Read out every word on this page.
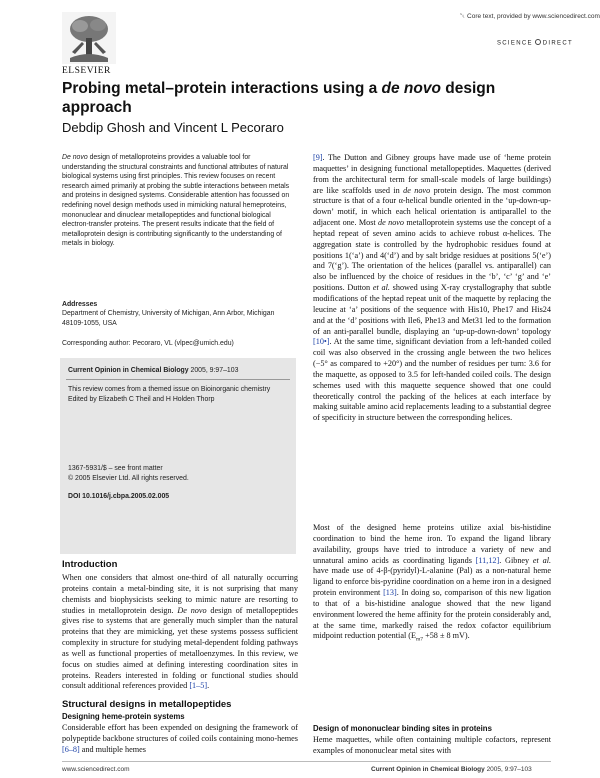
␀ Core text, provided by www.sciencedirect.com
ELSEVIER
SCIENCE DIRECT
Probing metal–protein interactions using a de novo design approach
Debdip Ghosh and Vincent L Pecoraro
De novo design of metalloproteins provides a valuable tool for understanding the structural constraints and functional attributes of natural biological systems using first principles. This review focuses on recent research aimed primarily at probing the subtle interactions between metals and proteins in designed systems. Considerable attention has focussed on redefining novel design methods used in mimicking natural hemeproteins, mononuclear and dinuclear metallopeptides and functional biological electron-transfer proteins. The present results indicate that the field of metalloprotein design is contributing significantly to the understanding of metals in biology.
Addresses
Department of Chemistry, University of Michigan, Ann Arbor, Michigan 48109-1055, USA
Corresponding author: Pecoraro, VL (vlpec@umich.edu)
Current Opinion in Chemical Biology 2005, 9:97–103
This review comes from a themed issue on Bioinorganic chemistry
Edited by Elizabeth C Theil and H Holden Thorp
1367-5931/$ – see front matter
© 2005 Elsevier Ltd. All rights reserved.
DOI 10.1016/j.cbpa.2005.02.005
Introduction
When one considers that almost one-third of all naturally occurring proteins contain a metal-binding site, it is not surprising that many chemists and biophysicists seeking to mimic nature are resorting to studies in metalloprotein design. De novo design of metallopeptides gives rise to systems that are generally much simpler than the natural proteins that they are mimicking, yet these systems possess sufficient complexity in structure for studying metal-dependent folding pathways as well as functional properties of metalloenzymes. In this review, we focus on studies aimed at defining interesting coordination sites in proteins. Readers interested in folding or functional studies should consult additional references provided [1–5].
Structural designs in metallopeptides
Designing heme-protein systems
Considerable effort has been expended on designing the framework of polypeptide backbone structures of coiled coils containing mono-hemes [6–8] and multiple hemes
[9]. The Dutton and Gibney groups have made use of ‘heme protein maquettes’ in designing functional metallopeptides. Maquettes (derived from the architectural term for small-scale models of large buildings) are like scaffolds used in de novo protein design. The most common structure is that of a four α-helical bundle oriented in the ‘up-down-up-down’ motif, in which each helical orientation is antiparallel to the adjacent one. Most de novo metalloprotein systems use the concept of a heptad repeat of seven amino acids to achieve robust α-helices. The aggregation state is controlled by the hydrophobic residues found at positions 1(‘a’) and 4(‘d’) and by salt bridge residues at positions 5(‘e’) and 7(‘g’). The orientation of the helices (parallel vs. antiparallel) can also be influenced by the choice of residues in the ‘b’, ‘c’ ‘g’ and ‘e’ positions. Dutton et al. showed using X-ray crystallography that subtle modifications of the heptad repeat unit of the maquette by replacing the leucine at ‘a’ positions of the sequence with His10, Phe17 and His24 and at the ‘d’ positions with Ile6, Phe13 and Met31 led to the formation of an anti-parallel bundle, displaying an ‘up-up-down-down’ topology [10•]. At the same time, significant deviation from a left-handed coiled coil was also observed in the crossing angle between the two helices (−5° as compared to +20°) and the number of residues per turn: 3.6 for the maquette, as opposed to 3.5 for left-handed coiled coils. The design schemes used with this maquette sequence showed that one could theoretically control the packing of the helices at each interface by making suitable amino acid replacements leading to a substantial degree of specificity in structure between the corresponding helices.
Most of the designed heme proteins utilize axial bis-histidine coordination to bind the heme iron. To expand the ligand library availability, groups have tried to introduce a variety of new and unnatural amino acids as coordinating ligands [11,12]. Gibney et al. have made use of 4-β-(pyridyl)-L-alanine (Pal) as a non-natural heme ligand to enforce bis-pyridine coordination on a heme iron in a designed protein environment [13]. In doing so, comparison of this new ligation to that of a bis-histidine analogue showed that the new ligand environment lowered the heme affinity for the protein considerably and, at the same time, markedly raised the redox cofactor equilibrium midpoint reduction potential ($E_{m7} +58 \pm 8$ mV).
Design of mononuclear binding sites in proteins
Heme maquettes, while often containing multiple cofactors, represent examples of mononuclear metal sites with
www.sciencedirect.com	Current Opinion in Chemical Biology 2005, 9:97–103
